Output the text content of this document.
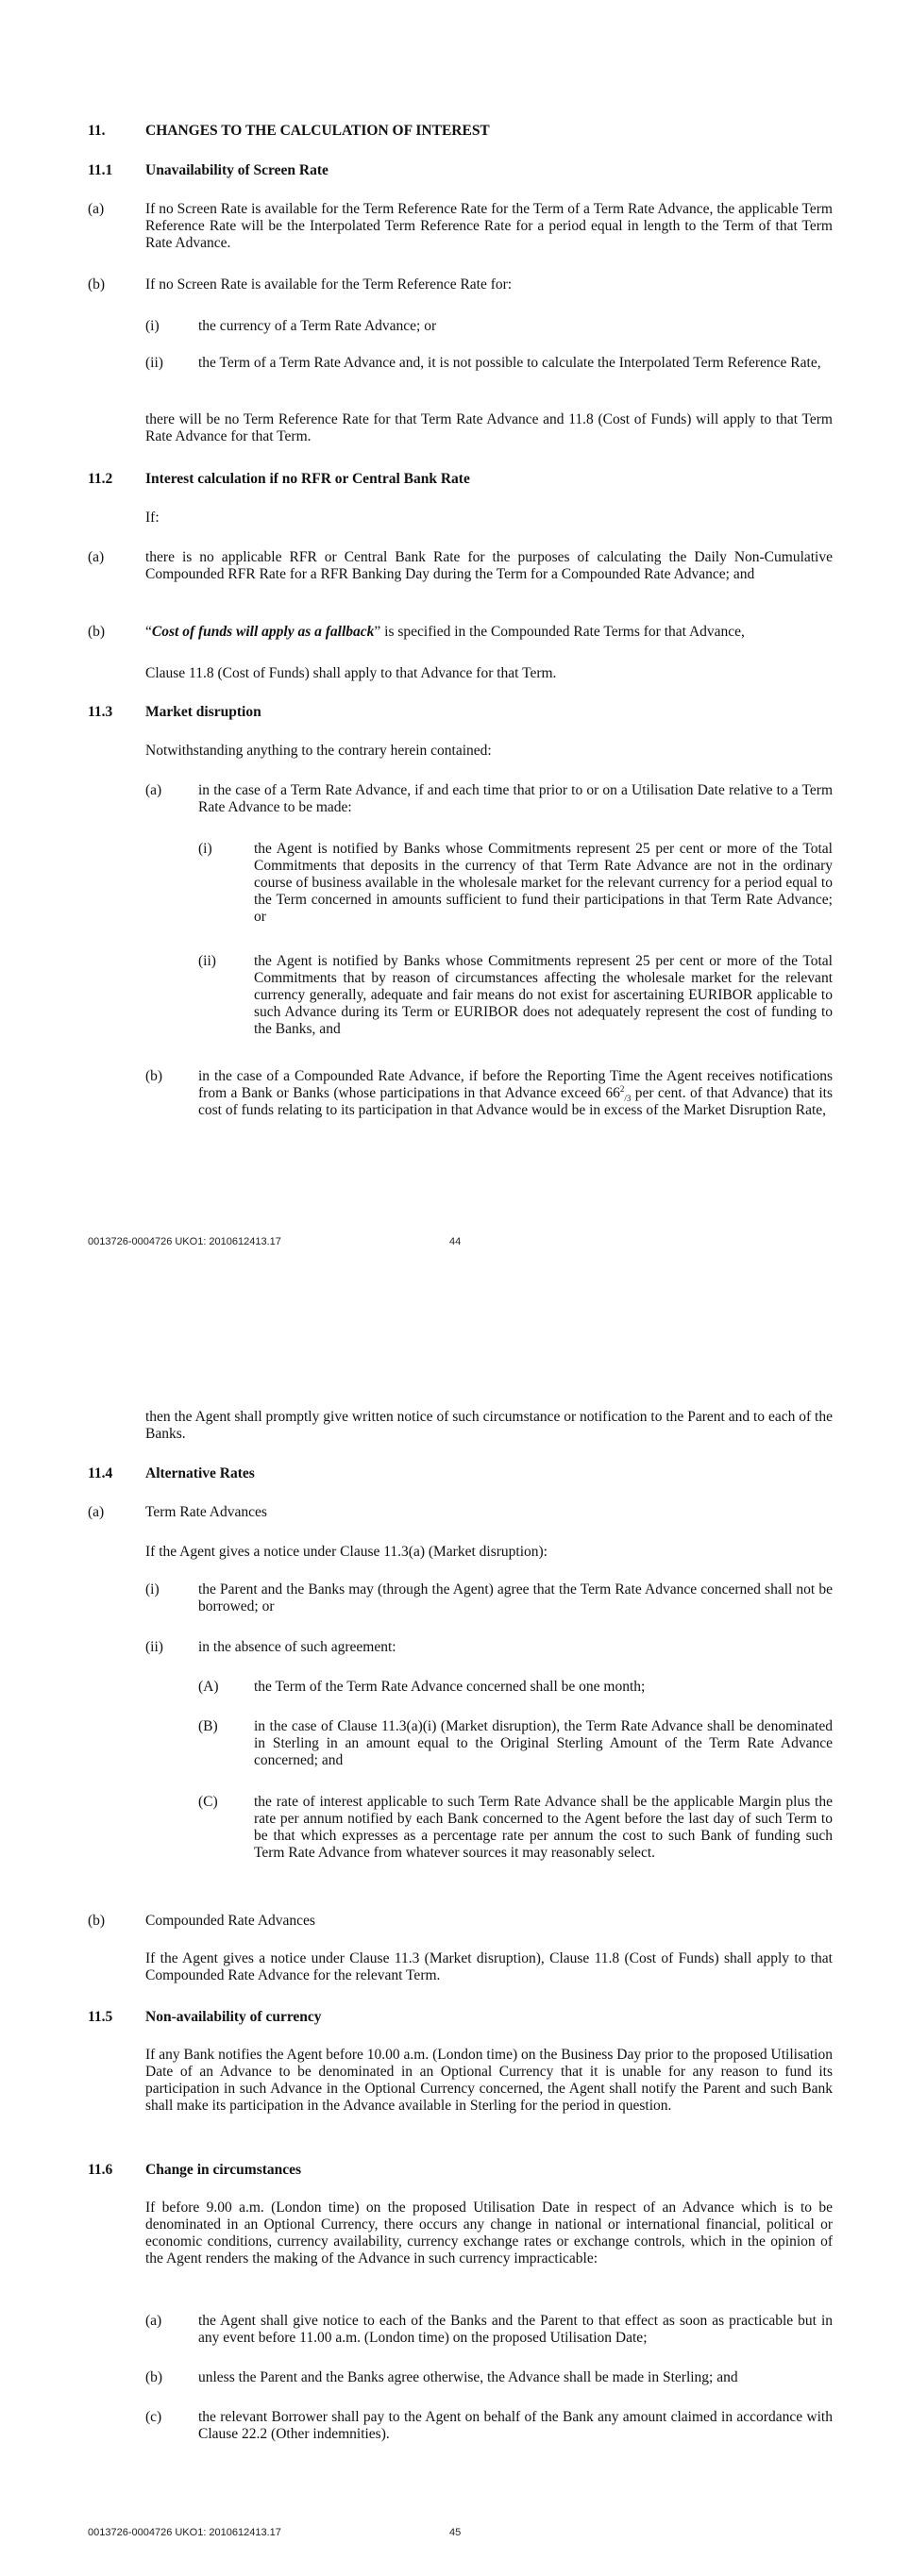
11.	CHANGES TO THE CALCULATION OF INTEREST

11.1 Unavailability of Screen Rate

(a)	If no Screen Rate is available for the Term Reference Rate for the Term of a Term Rate Advance, the applicable Term Reference Rate will be the Interpolated Term Reference Rate for a period equal in length to the Term of that Term Rate Advance.

(b)	If no Screen Rate is available for the Term Reference Rate for:

(i)	the currency of a Term Rate Advance; or

(ii) the Term of a Term Rate Advance and, it is not possible to calculate the Interpolated Term Reference Rate,

there will be no Term Reference Rate for that Term Rate Advance and 11.8 (Cost of Funds) will apply to that Term Rate Advance for that Term.

11.2 Interest calculation if no RFR or Central Bank Rate

If:

(a)	there is no applicable RFR or Central Bank Rate for the purposes of calculating the Daily Non-Cumulative Compounded RFR Rate for a RFR Banking Day during the Term for a Compounded Rate Advance; and

(b)	“Cost of funds will apply as a fallback” is specified in the Compounded Rate Terms for that Advance,

Clause 11.8 (Cost of Funds) shall apply to that Advance for that Term.

11.3 Market disruption

Notwithstanding anything to the contrary herein contained:

(a)	in the case of a Term Rate Advance, if and each time that prior to or on a Utilisation Date relative to a Term Rate Advance to be made:

(i)	the Agent is notified by Banks whose Commitments represent 25 per cent or more of the Total Commitments that deposits in the currency of that Term Rate Advance are not in the ordinary course of business available in the wholesale market for the relevant currency for a period equal to the Term concerned in amounts sufficient to fund their participations in that Term Rate Advance; or

(ii)	the Agent is notified by Banks whose Commitments represent 25 per cent or more of the Total Commitments that by reason of circumstances affecting the wholesale market for the relevant currency generally, adequate and fair means do not exist for ascertaining EURIBOR applicable to such Advance during its Term or EURIBOR does not adequately represent the cost of funding to the Banks, and

(b) in the case of a Compounded Rate Advance, if before the Reporting Time the Agent receives notifications from a Bank or Banks (whose participations in that Advance exceed $66^2_{/3}$ per cent. of that Advance) that its cost of funds relating to its participation in that Advance would be in excess of the Market Disruption Rate,

0013726-0004726 UKO1: 2010612413.17	44

then the Agent shall promptly give written notice of such circumstance or notification to the Parent and to each of the Banks.

11.4 Alternative Rates

(a)	Term Rate Advances

If the Agent gives a notice under Clause 11.3(a) (Market disruption):

(i)	the Parent and the Banks may (through the Agent) agree that the Term Rate Advance concerned shall not be borrowed; or

(ii) in the absence of such agreement:

(A) the Term of the Term Rate Advance concerned shall be one month;

(B) in the case of Clause 11.3(a)(i) (Market disruption), the Term Rate Advance shall be denominated in Sterling in an amount equal to the Original Sterling Amount of the Term Rate Advance concerned; and

(C) the rate of interest applicable to such Term Rate Advance shall be the applicable Margin plus the rate per annum notified by each Bank concerned to the Agent before the last day of such Term to be that which expresses as a percentage rate per annum the cost to such Bank of funding such Term Rate Advance from whatever sources it may reasonably select.

(b)	Compounded Rate Advances

If the Agent gives a notice under Clause 11.3 (Market disruption), Clause 11.8 (Cost of Funds) shall apply to that Compounded Rate Advance for the relevant Term.

11.5 Non-availability of currency

If any Bank notifies the Agent before 10.00 a.m. (London time) on the Business Day prior to the proposed Utilisation Date of an Advance to be denominated in an Optional Currency that it is unable for any reason to fund its participation in such Advance in the Optional Currency concerned, the Agent shall notify the Parent and such Bank shall make its participation in the Advance available in Sterling for the period in question.

11.6 Change in circumstances

If before 9.00 a.m. (London time) on the proposed Utilisation Date in respect of an Advance which is to be denominated in an Optional Currency, there occurs any change in national or international financial, political or economic conditions, currency availability, currency exchange rates or exchange controls, which in the opinion of the Agent renders the making of the Advance in such currency impracticable:

(a)	the Agent shall give notice to each of the Banks and the Parent to that effect as soon as practicable but in any event before 11.00 a.m. (London time) on the proposed Utilisation Date;

(b) unless the Parent and the Banks agree otherwise, the Advance shall be made in Sterling; and

(c)	the relevant Borrower shall pay to the Agent on behalf of the Bank any amount claimed in accordance with Clause 22.2 (Other indemnities).

0013726-0004726 UKO1: 2010612413.17	45
